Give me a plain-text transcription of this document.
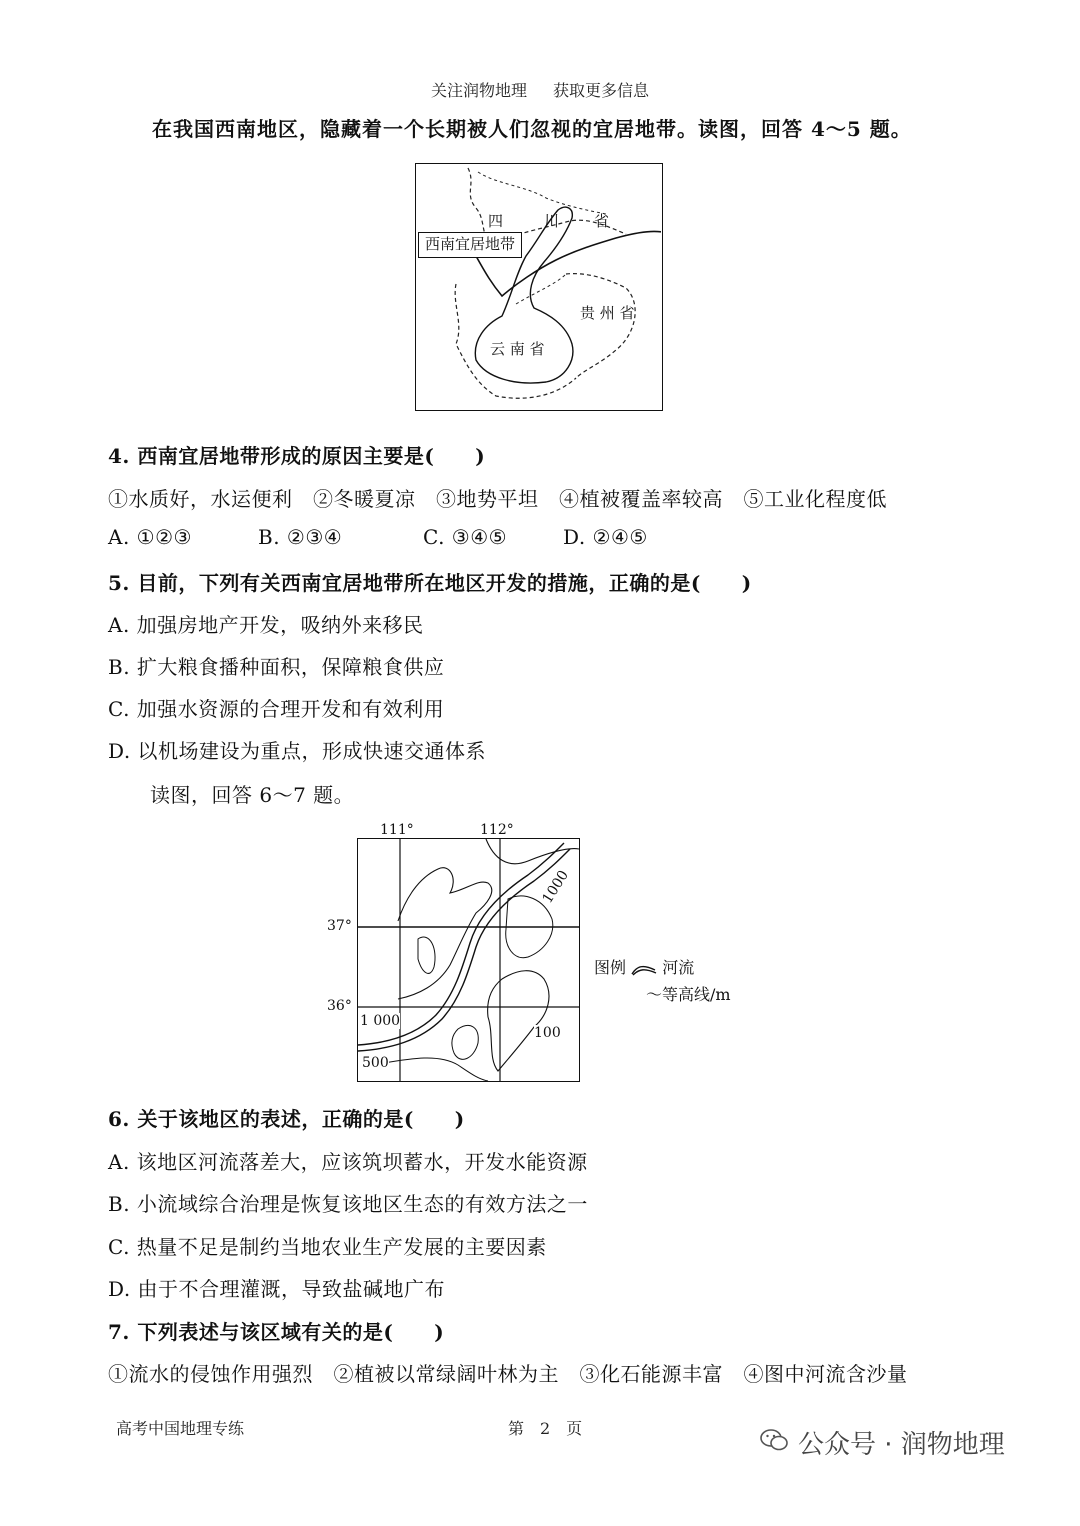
关注润物地理 获取更多信息
在我国西南地区，隐藏着一个长期被人们忽视的宜居地带。读图，回答 4～5 题。
西南宜居地带
四	川 省
贵 州 省
云 南 省
4. 西南宜居地带形成的原因主要是(　　)
①水质好，水运便利　②冬暖夏凉　③地势平坦　④植被覆盖率较高　⑤工业化程度低
A. ①②③	B. ②③④	C. ③④⑤	D. ②④⑤
5. 目前，下列有关西南宜居地带所在地区开发的措施，正确的是(　　)
A. 加强房地产开发，吸纳外来移民
B. 扩大粮食播种面积，保障粮食供应
C. 加强水资源的合理开发和有效利用
D. 以机场建设为重点，形成快速交通体系
读图，回答 6～7 题。
111°	112°
37°
36°
1000
1 000
500
100
图例 河流
～等高线/m
6. 关于该地区的表述，正确的是(　　)
A. 该地区河流落差大，应该筑坝蓄水，开发水能资源
B. 小流域综合治理是恢复该地区生态的有效方法之一
C. 热量不足是制约当地农业生产发展的主要因素
D. 由于不合理灌溉，导致盐碱地广布
7. 下列表述与该区域有关的是(　　)
①流水的侵蚀作用强烈　②植被以常绿阔叶林为主　③化石能源丰富　④图中河流含沙量
高考中国地理专练	第　2　页
公众号 · 润物地理
